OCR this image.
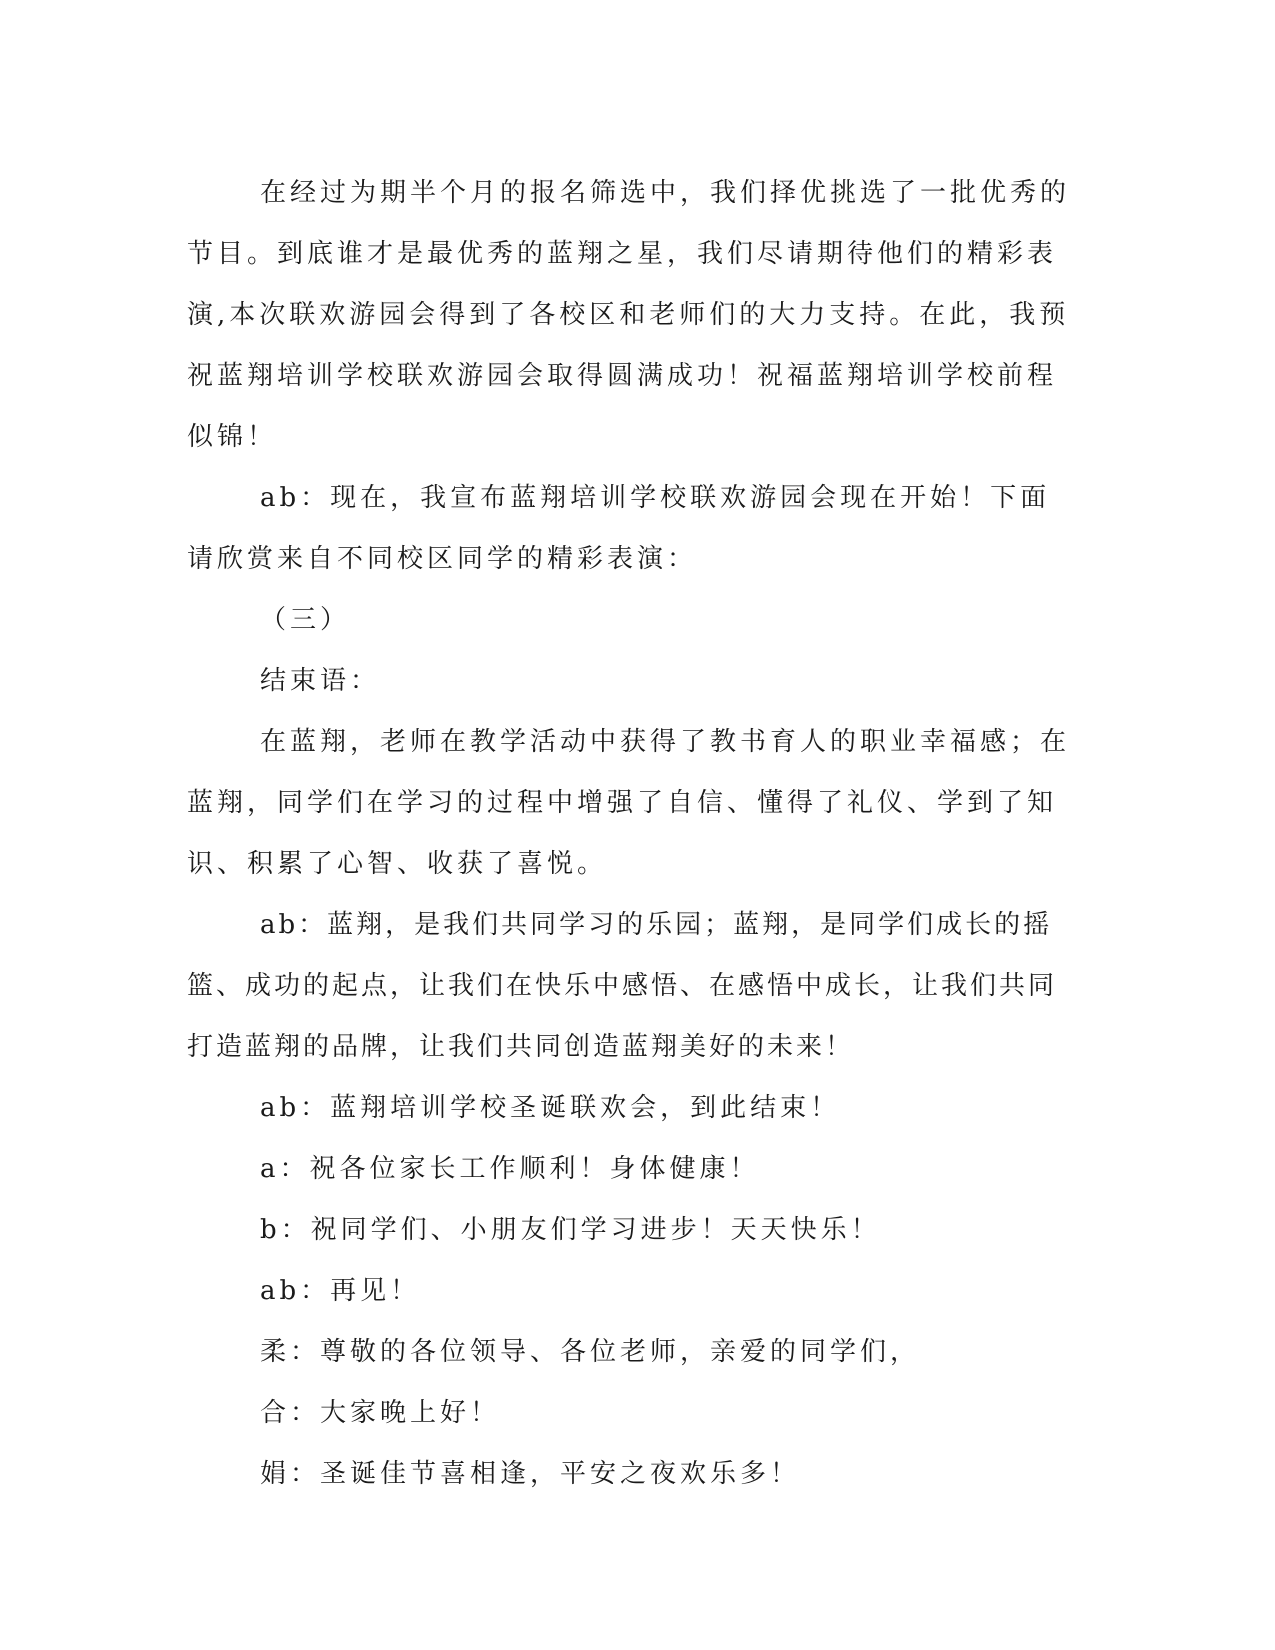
在经过为期半个月的报名筛选中，我们择优挑选了一批优秀的节目。到底谁才是最优秀的蓝翔之星，我们尽请期待他们的精彩表演,本次联欢游园会得到了各校区和老师们的大力支持。在此，我预祝蓝翔培训学校联欢游园会取得圆满成功！祝福蓝翔培训学校前程似锦！

ab：现在，我宣布蓝翔培训学校联欢游园会现在开始！下面请欣赏来自不同校区同学的精彩表演：

（三）

结束语：

在蓝翔，老师在教学活动中获得了教书育人的职业幸福感；在蓝翔，同学们在学习的过程中增强了自信、懂得了礼仪、学到了知识、积累了心智、收获了喜悦。

ab：蓝翔，是我们共同学习的乐园；蓝翔，是同学们成长的摇篮、成功的起点，让我们在快乐中感悟、在感悟中成长，让我们共同打造蓝翔的品牌，让我们共同创造蓝翔美好的未来！

ab：蓝翔培训学校圣诞联欢会，到此结束！

a：祝各位家长工作顺利！身体健康！

b：祝同学们、小朋友们学习进步！天天快乐！

ab：再见！

柔：尊敬的各位领导、各位老师，亲爱的同学们，

合：大家晚上好！

娟：圣诞佳节喜相逢，平安之夜欢乐多！
